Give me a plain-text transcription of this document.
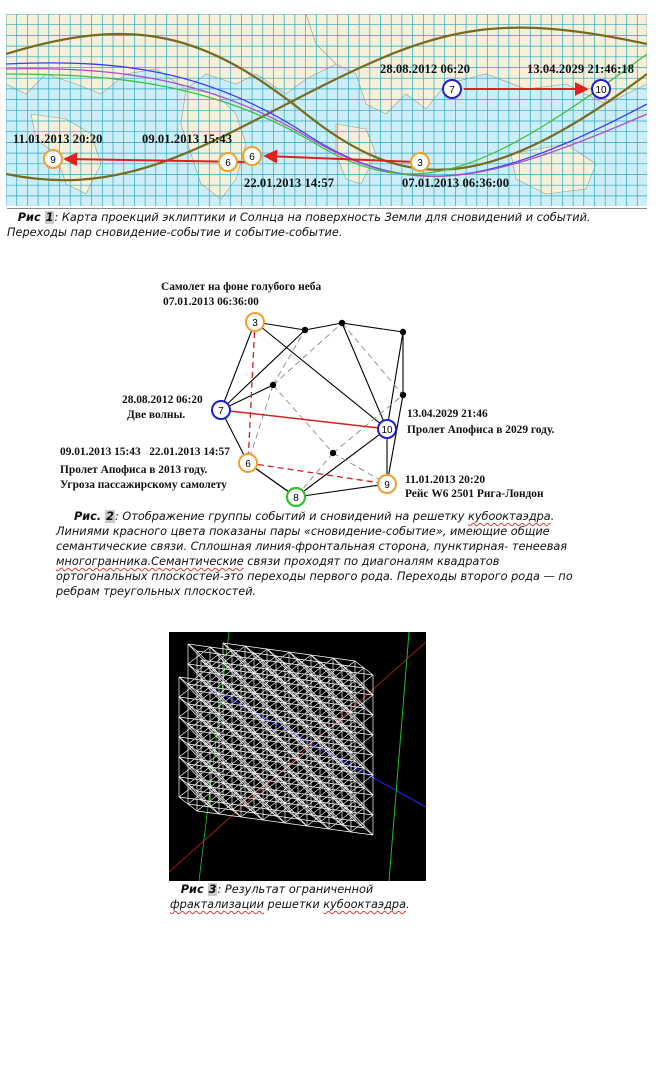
9	6
6
3
7	10
28.08.2012 06:20	13.04.2029 21:46:18
11.01.2013 20:20	09.01.2013 15:43
22.01.2013 14:57	07.01.2013 06:36:00
Рис 1: Карта проекций эклиптики и Солнца на поверхность Земли для сновидений и событий. Переходы пар сновидение-событие и событие-событие.
3
7
10
6
9
8
Самолет на фоне голубого неба
07.01.2013 06:36:00
28.08.2012 06:20
Две волны.	13.04.2029 21:46
Пролет Апофиса в 2029 году.
09.01.2013 15:43   22.01.2013 14:57
Пролет Апофиса в 2013 году.
Угроза пассажирскому самолету	11.01.2013 20:20
Рейс W6 2501 Рига-Лондон
Рис. 2: Отображение группы событий и сновидений на решетку кубооктаэдра. Линиями красного цвета показаны пары «сновидение-событие», имеющие общие семантические связи. Сплошная линия-фронтальная сторона, пунктирная- тенеевая многогранника.Семантические связи проходят по диагоналям квадратов ортогональных плоскостей-это переходы первого рода. Переходы второго рода — по ребрам треугольных плоскостей.
Рис 3: Результат ограниченной фрактализации решетки кубооктаэдра.
